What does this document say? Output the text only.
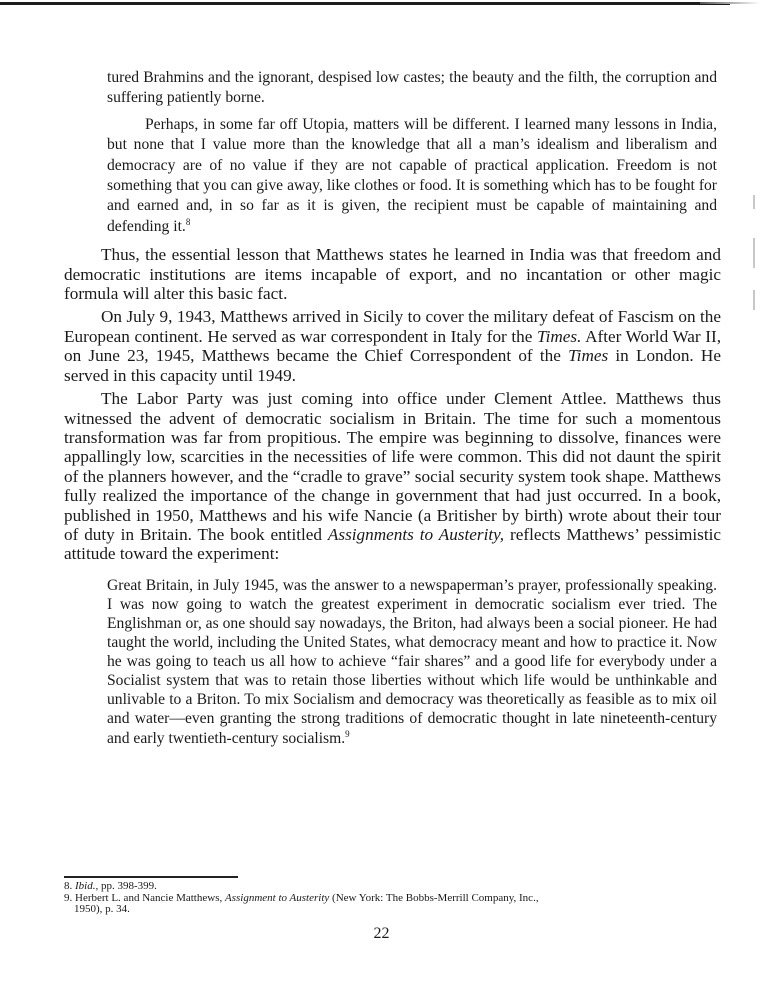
tured Brahmins and the ignorant, despised low castes; the beauty and the filth, the corruption and suffering patiently borne.

Perhaps, in some far off Utopia, matters will be different. I learned many lessons in India, but none that I value more than the knowledge that all a man’s idealism and liberalism and democracy are of no value if they are not capable of practical application. Freedom is not something that you can give away, like clothes or food. It is something which has to be fought for and earned and, in so far as it is given, the recipient must be capable of maintaining and defending it.$^8$

Thus, the essential lesson that Matthews states he learned in India was that freedom and democratic institutions are items incapable of export, and no incantation or other magic formula will alter this basic fact.

On July 9, 1943, Matthews arrived in Sicily to cover the military defeat of Fascism on the European continent. He served as war correspondent in Italy for the Times. After World War II, on June 23, 1945, Matthews became the Chief Correspondent of the Times in London. He served in this capacity until 1949.

The Labor Party was just coming into office under Clement Attlee. Matthews thus witnessed the advent of democratic socialism in Britain. The time for such a momentous transformation was far from propitious. The empire was beginning to dissolve, finances were appallingly low, scarcities in the necessities of life were common. This did not daunt the spirit of the planners however, and the “cradle to grave” social security system took shape. Matthews fully realized the importance of the change in government that had just occurred. In a book, published in 1950, Matthews and his wife Nancie (a Britisher by birth) wrote about their tour of duty in Britain. The book entitled Assignments to Austerity, reflects Matthews’ pessimistic attitude toward the experiment:

Great Britain, in July 1945, was the answer to a newspaperman’s prayer, professionally speaking. I was now going to watch the greatest experiment in democratic socialism ever tried. The Englishman or, as one should say nowadays, the Briton, had always been a social pioneer. He had taught the world, including the United States, what democracy meant and how to practice it. Now he was going to teach us all how to achieve “fair shares” and a good life for everybody under a Socialist system that was to retain those liberties without which life would be unthinkable and unlivable to a Briton. To mix Socialism and democracy was theoretically as feasible as to mix oil and water—even granting the strong traditions of democratic thought in late nineteenth-century and early twentieth-century socialism.$^9$

8. Ibid., pp. 398-399.

9. Herbert L. and Nancie Matthews, Assignment to Austerity (New York: The Bobbs-Merrill Company, Inc.,

1950), p. 34.

22
